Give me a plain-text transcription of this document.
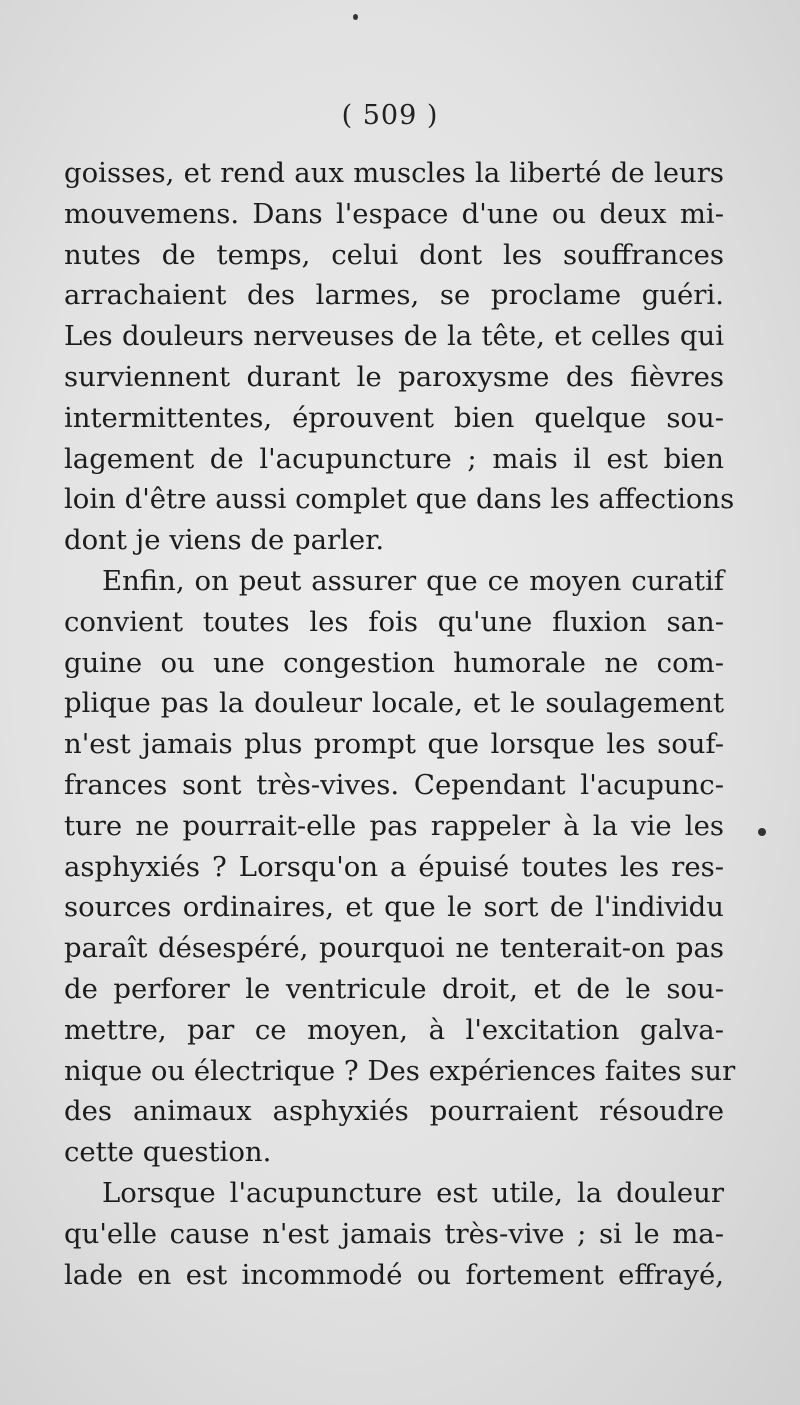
( 509 )
goisses, et rend aux muscles la liberté de leurs
mouvemens. Dans l'espace d'une ou deux mi-
nutes de temps, celui dont les souffrances
arrachaient des larmes, se proclame guéri.
Les douleurs nerveuses de la tête, et celles qui
surviennent durant le paroxysme des fièvres
intermittentes, éprouvent bien quelque sou-
lagement de l'acupuncture ; mais il est bien
loin d'être aussi complet que dans les affections
dont je viens de parler.
Enfin, on peut assurer que ce moyen curatif
convient toutes les fois qu'une fluxion san-
guine ou une congestion humorale ne com-
plique pas la douleur locale, et le soulagement
n'est jamais plus prompt que lorsque les souf-
frances sont très-vives. Cependant l'acupunc-
ture ne pourrait-elle pas rappeler à la vie les
asphyxiés ? Lorsqu'on a épuisé toutes les res-
sources ordinaires, et que le sort de l'individu
paraît désespéré, pourquoi ne tenterait-on pas
de perforer le ventricule droit, et de le sou-
mettre, par ce moyen, à l'excitation galva-
nique ou électrique ? Des expériences faites sur
des animaux asphyxiés pourraient résoudre
cette question.
Lorsque l'acupuncture est utile, la douleur
qu'elle cause n'est jamais très-vive ; si le ma-
lade en est incommodé ou fortement effrayé,
